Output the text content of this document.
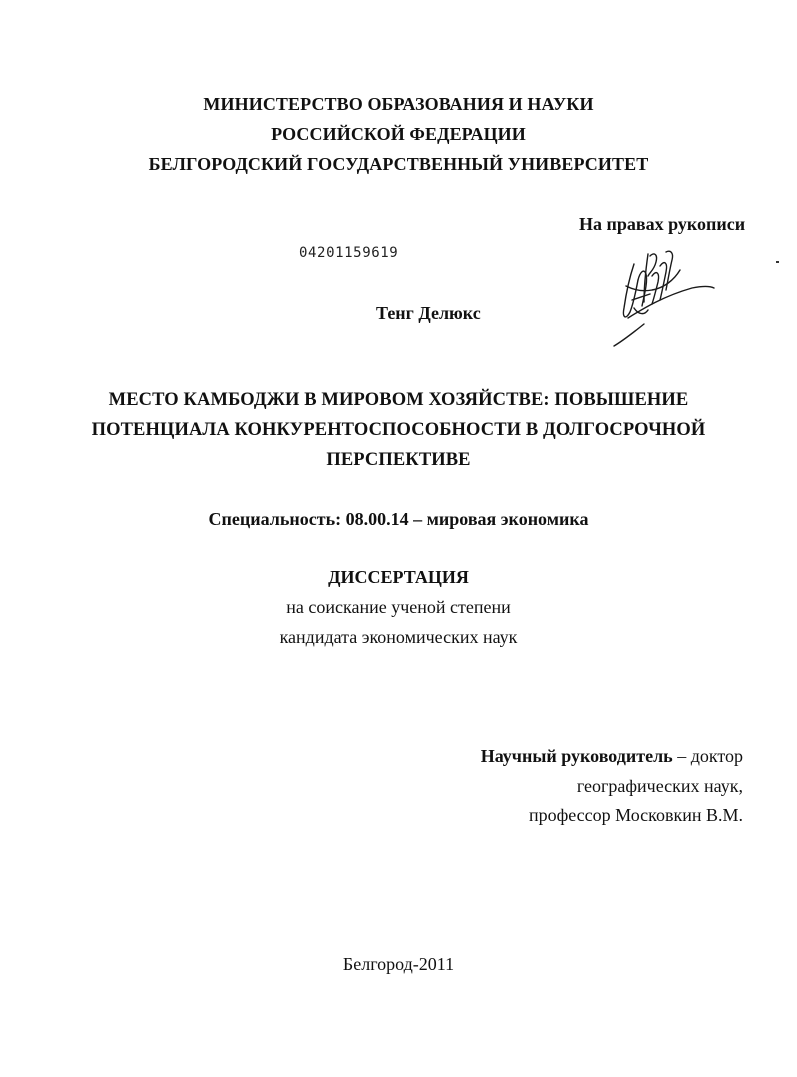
МИНИСТЕРСТВО ОБРАЗОВАНИЯ И НАУКИ
РОССИЙСКОЙ ФЕДЕРАЦИИ
БЕЛГОРОДСКИЙ ГОСУДАРСТВЕННЫЙ УНИВЕРСИТЕТ
На правах рукописи
04201159619
Тенг Делюкс
МЕСТО КАМБОДЖИ В МИРОВОМ ХОЗЯЙСТВЕ: ПОВЫШЕНИЕ
ПОТЕНЦИАЛА КОНКУРЕНТОСПОСОБНОСТИ В ДОЛГОСРОЧНОЙ
ПЕРСПЕКТИВЕ
Специальность: 08.00.14 – мировая экономика
ДИССЕРТАЦИЯ
на соискание ученой степени
кандидата экономических наук
Научный руководитель – доктор
географических наук,
профессор Московкин В.М.
Белгород-2011
